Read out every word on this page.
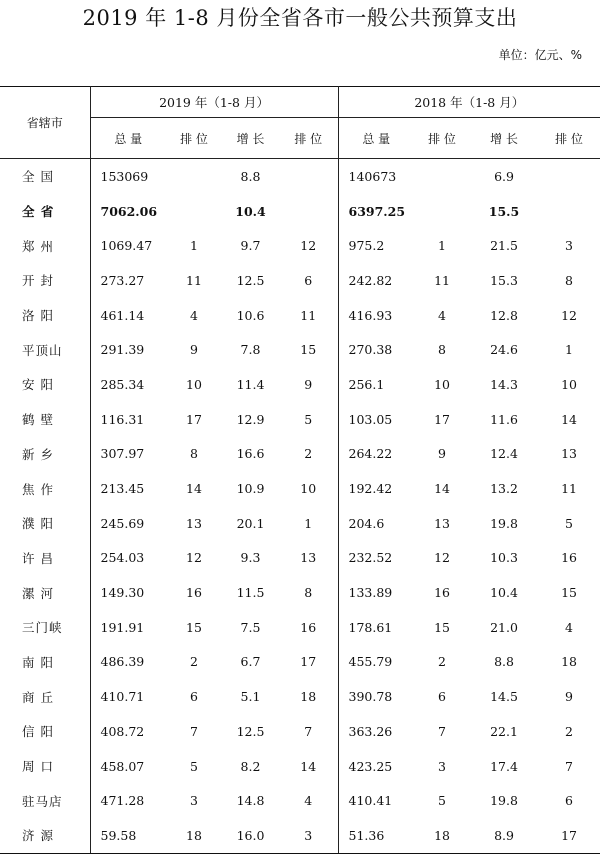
2019 年 1-8 月份全省各市一般公共预算支出
单位：亿元、%
省辖市	2019 年（1-8 月）				2018 年（1-8 月）			
	总 量	排 位	增 长	排 位	总 量	排 位	增 长	排 位
全 国	153069		8.8		140673		6.9	
全 省	7062.06		10.4		6397.25		15.5	
郑 州	1069.47	1	9.7	12	975.2	1	21.5	3
开 封	273.27	11	12.5	6	242.82	11	15.3	8
洛 阳	461.14	4	10.6	11	416.93	4	12.8	12
平顶山	291.39	9	7.8	15	270.38	8	24.6	1
安 阳	285.34	10	11.4	9	256.1	10	14.3	10
鹤 壁	116.31	17	12.9	5	103.05	17	11.6	14
新 乡	307.97	8	16.6	2	264.22	9	12.4	13
焦 作	213.45	14	10.9	10	192.42	14	13.2	11
濮 阳	245.69	13	20.1	1	204.6	13	19.8	5
许 昌	254.03	12	9.3	13	232.52	12	10.3	16
漯 河	149.30	16	11.5	8	133.89	16	10.4	15
三门峡	191.91	15	7.5	16	178.61	15	21.0	4
南 阳	486.39	2	6.7	17	455.79	2	8.8	18
商 丘	410.71	6	5.1	18	390.78	6	14.5	9
信 阳	408.72	7	12.5	7	363.26	7	22.1	2
周 口	458.07	5	8.2	14	423.25	3	17.4	7
驻马店	471.28	3	14.8	4	410.41	5	19.8	6
济 源	59.58	18	16.0	3	51.36	18	8.9	17
